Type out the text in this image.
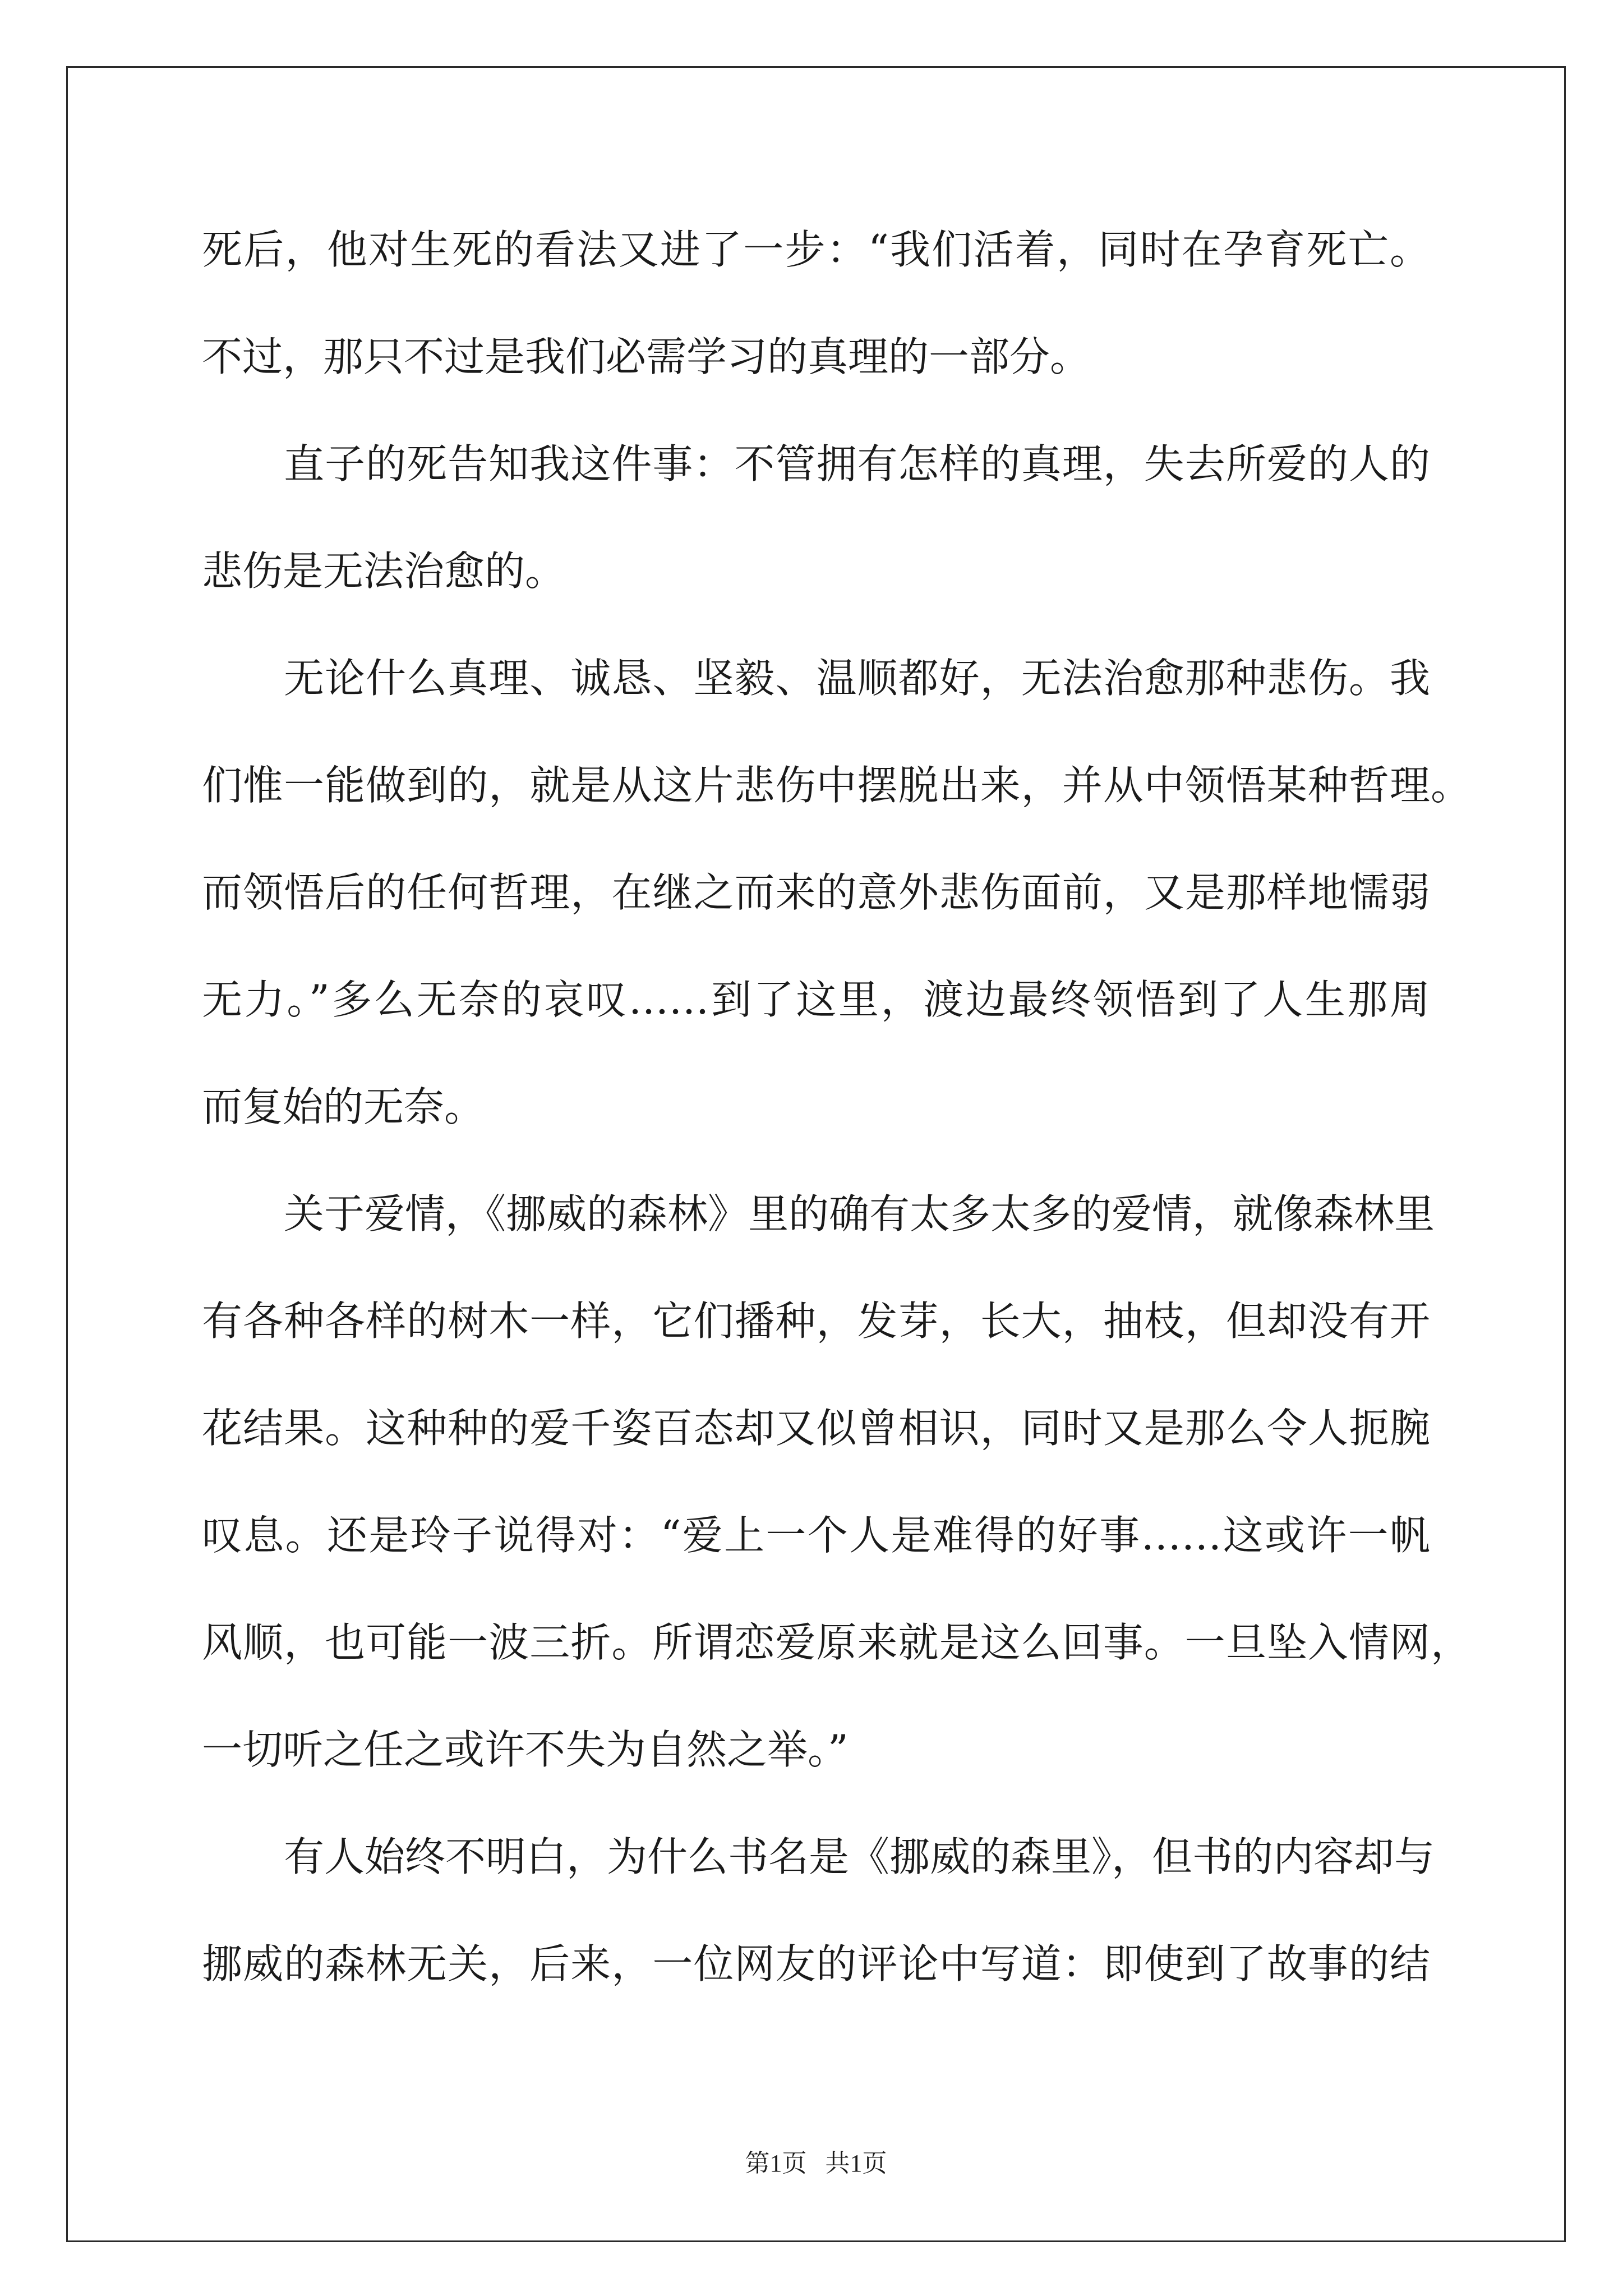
死后，他对生死的看法又进了一步：“我们活着，同时在孕育死亡。
不过，那只不过是我们必需学习的真理的一部分。
直子的死告知我这件事：不管拥有怎样的真理，失去所爱的人的
悲伤是无法治愈的。
无论什么真理、诚恳、坚毅、温顺都好，无法治愈那种悲伤。我
们惟一能做到的，就是从这片悲伤中摆脱出来，并从中领悟某种哲理。
而领悟后的任何哲理，在继之而来的意外悲伤面前，又是那样地懦弱
无力。”多么无奈的哀叹……到了这里，渡边最终领悟到了人生那周
而复始的无奈。
关于爱情，《挪威的森林》里的确有太多太多的爱情，就像森林里
有各种各样的树木一样，它们播种，发芽，长大，抽枝，但却没有开
花结果。这种种的爱千姿百态却又似曾相识，同时又是那么令人扼腕
叹息。还是玲子说得对：“爱上一个人是难得的好事……这或许一帆
风顺，也可能一波三折。所谓恋爱原来就是这么回事。一旦坠入情网，
一切听之任之或许不失为自然之举。”
有人始终不明白，为什么书名是《挪威的森里》，但书的内容却与
挪威的森林无关，后来，一位网友的评论中写道：即使到了故事的结
第1页   共1页
